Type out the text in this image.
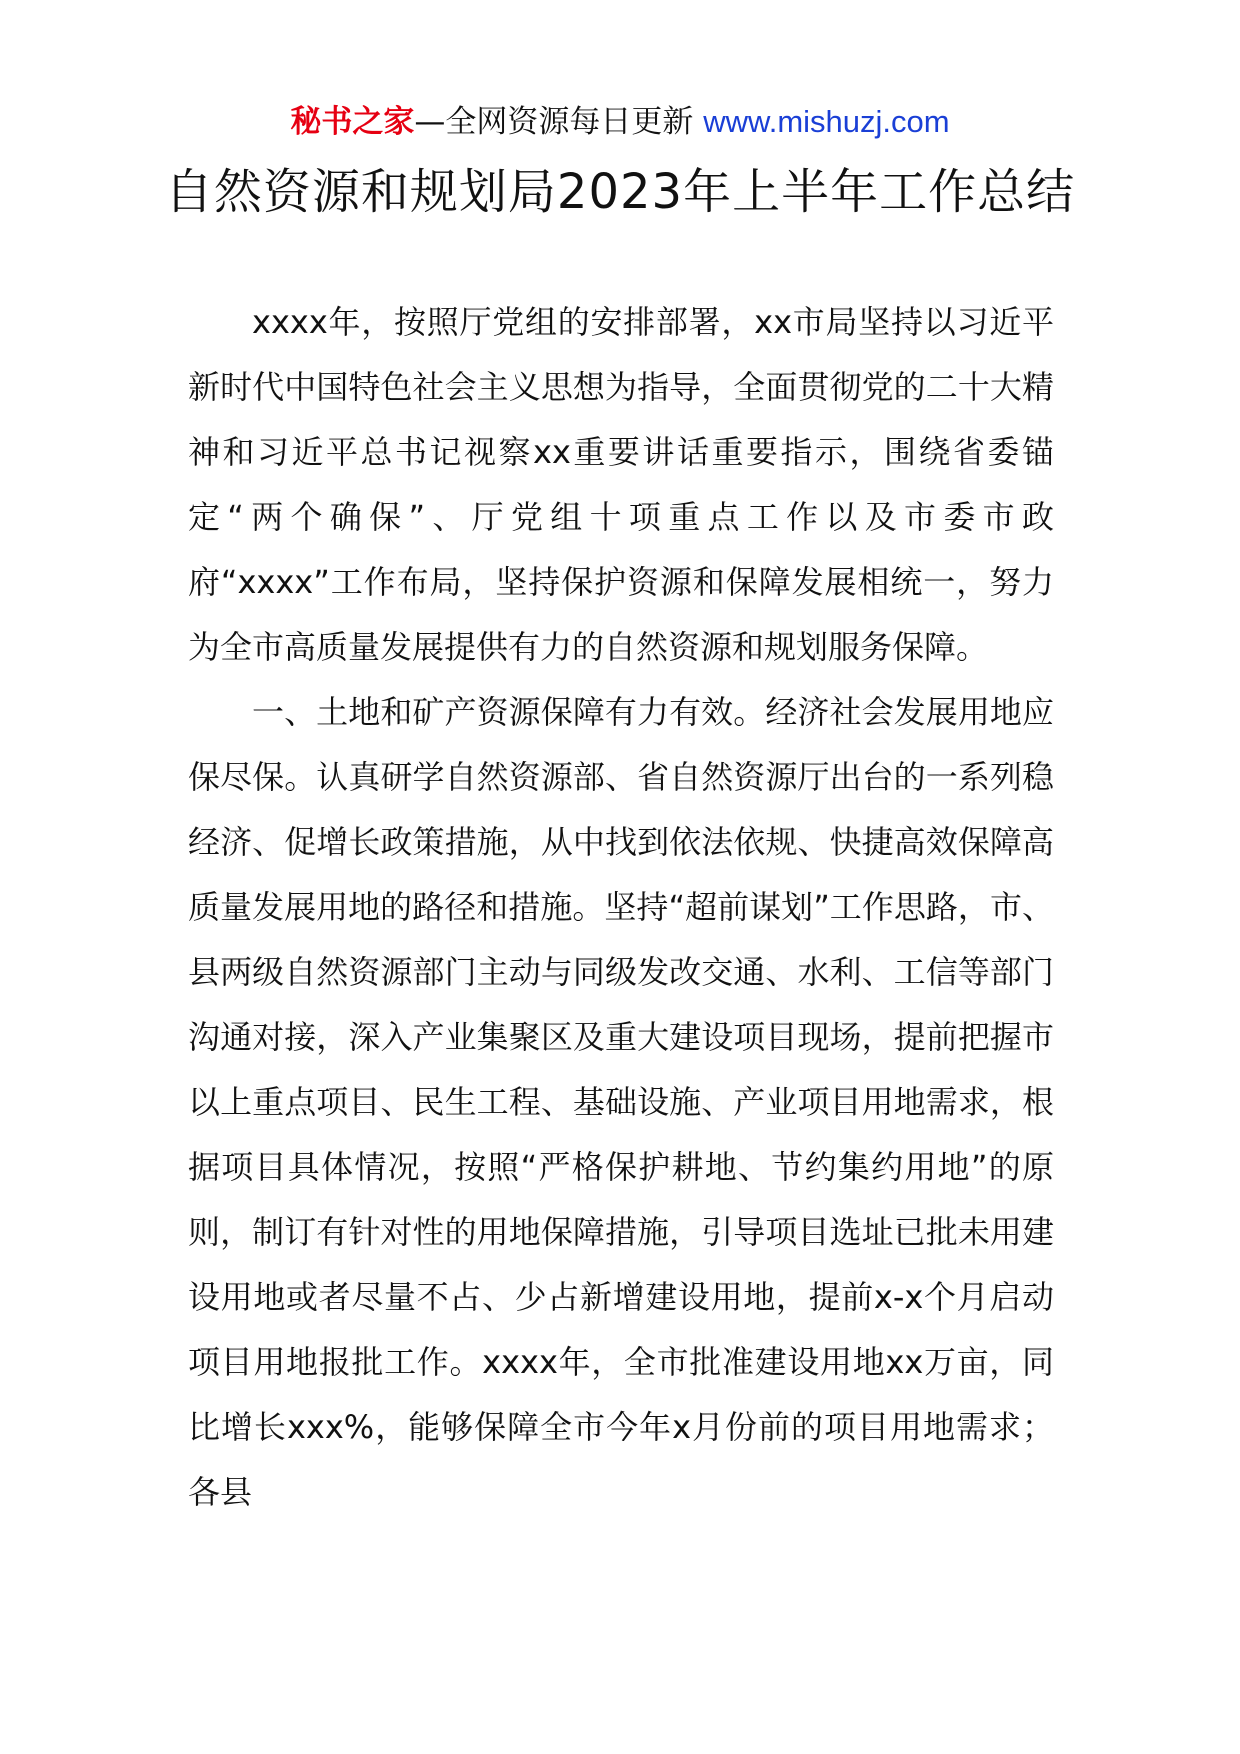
秘书之家—全网资源每日更新 www.mishuzj.com
自然资源和规划局2023年上半年工作总结

xxxx年，按照厅党组的安排部署，xx市局坚持以习近平新时代中国特色社会主义思想为指导，全面贯彻党的二十大精神和习近平总书记视察xx重要讲话重要指示，围绕省委锚定“两个确保”、厅党组十项重点工作以及市委市政府“xxxx”工作布局，坚持保护资源和保障发展相统一，努力为全市高质量发展提供有力的自然资源和规划服务保障。

一、土地和矿产资源保障有力有效。经济社会发展用地应保尽保。认真研学自然资源部、省自然资源厅出台的一系列稳经济、促增长政策措施，从中找到依法依规、快捷高效保障高质量发展用地的路径和措施。坚持“超前谋划”工作思路，市、县两级自然资源部门主动与同级发改交通、水利、工信等部门沟通对接，深入产业集聚区及重大建设项目现场，提前把握市以上重点项目、民生工程、基础设施、产业项目用地需求，根据项目具体情况，按照“严格保护耕地、节约集约用地”的原则，制订有针对性的用地保障措施，引导项目选址已批未用建设用地或者尽量不占、少占新增建设用地，提前x-x个月启动项目用地报批工作。xxxx年，全市批准建设用地xx万亩，同比增长xxx%，能够保障全市今年x月份前的项目用地需求；各县
